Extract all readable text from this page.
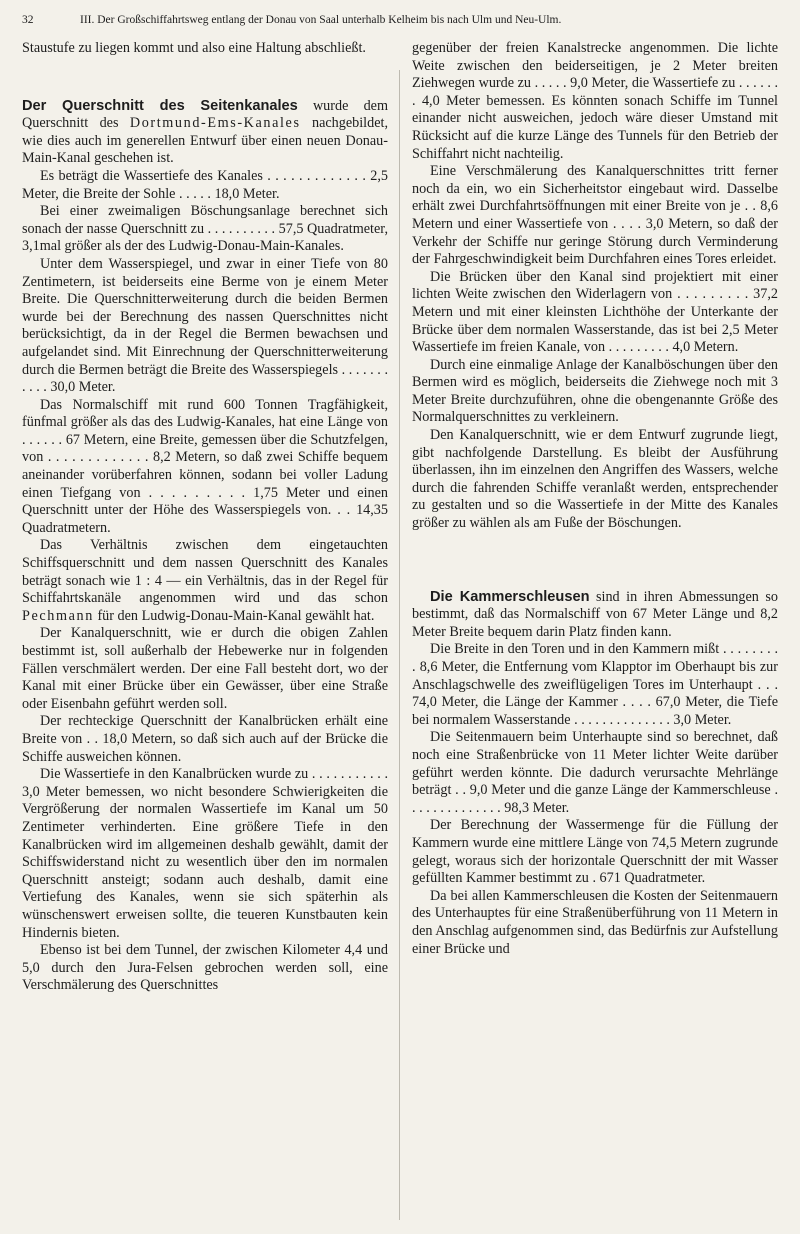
32	III. Der Großschiffahrtsweg entlang der Donau von Saal unterhalb Kelheim bis nach Ulm und Neu-Ulm.

Staustufe zu liegen kommt und also eine Haltung abschließt.

Der Querschnitt des Seitenkanales wurde dem Querschnitt des Dortmund-Ems-Kanales nachgebildet, wie dies auch im generellen Entwurf über einen neuen Donau-Main-Kanal geschehen ist.

Es beträgt die Wassertiefe des Kanales . . . . . . . . . . . . . 2,5 Meter, die Breite der Sohle . . . . . 18,0 Meter.

Bei einer zweimaligen Böschungsanlage berechnet sich sonach der nasse Querschnitt zu . . . . . . . . . . 57,5 Quadratmeter, 3,1mal größer als der des Ludwig-Donau-Main-Kanales.

Unter dem Wasserspiegel, und zwar in einer Tiefe von 80 Zentimetern, ist beiderseits eine Berme von je einem Meter Breite. Die Querschnitterweiterung durch die beiden Bermen wurde bei der Berechnung des nassen Querschnittes nicht berücksichtigt, da in der Regel die Bermen bewachsen und aufgelandet sind. Mit Einrechnung der Querschnitterweiterung durch die Bermen beträgt die Breite des Wasserspiegels . . . . . . . . . . . 30,0 Meter.

Das Normalschiff mit rund 600 Tonnen Tragfähigkeit, fünfmal größer als das des Ludwig-Kanales, hat eine Länge von . . . . . . 67 Metern, eine Breite, gemessen über die Schutzfelgen, von . . . . . . . . . . . . . 8,2 Metern, so daß zwei Schiffe bequem aneinander vorüberfahren können, sodann bei voller Ladung einen Tiefgang von . . . . . . . . . 1,75 Meter und einen Querschnitt unter der Höhe des Wasserspiegels von. . . 14,35 Quadratmetern.

Das Verhältnis zwischen dem eingetauchten Schiffsquerschnitt und dem nassen Querschnitt des Kanales beträgt sonach wie 1 : 4 — ein Verhältnis, das in der Regel für Schiffahrtskanäle angenommen wird und das schon Pechmann für den Ludwig-Donau-Main-Kanal gewählt hat.

Der Kanalquerschnitt, wie er durch die obigen Zahlen bestimmt ist, soll außerhalb der Hebewerke nur in folgenden Fällen verschmälert werden. Der eine Fall besteht dort, wo der Kanal mit einer Brücke über ein Gewässer, über eine Straße oder Eisenbahn geführt werden soll.

Der rechteckige Querschnitt der Kanalbrücken erhält eine Breite von . . 18,0 Metern, so daß sich auch auf der Brücke die Schiffe ausweichen können.

Die Wassertiefe in den Kanalbrücken wurde zu . . . . . . . . . . . 3,0 Meter bemessen, wo nicht besondere Schwierigkeiten die Vergrößerung der normalen Wassertiefe im Kanal um 50 Zentimeter verhinderten. Eine größere Tiefe in den Kanalbrücken wird im allgemeinen deshalb gewählt, damit der Schiffswiderstand nicht zu wesentlich über den im normalen Querschnitt ansteigt; sodann auch deshalb, damit eine Vertiefung des Kanales, wenn sie sich späterhin als wünschenswert erweisen sollte, die teueren Kunstbauten kein Hindernis bieten.

Ebenso ist bei dem Tunnel, der zwischen Kilometer 4,4 und 5,0 durch den Jura-Felsen gebrochen werden soll, eine Verschmälerung des Querschnittes

gegenüber der freien Kanalstrecke angenommen. Die lichte Weite zwischen den beiderseitigen, je 2 Meter breiten Ziehwegen wurde zu . . . . . 9,0 Meter, die Wassertiefe zu . . . . . . . 4,0 Meter bemessen. Es könnten sonach Schiffe im Tunnel einander nicht ausweichen, jedoch wäre dieser Umstand mit Rücksicht auf die kurze Länge des Tunnels für den Betrieb der Schiffahrt nicht nachteilig.

Eine Verschmälerung des Kanalquerschnittes tritt ferner noch da ein, wo ein Sicherheitstor eingebaut wird. Dasselbe erhält zwei Durchfahrtsöffnungen mit einer Breite von je . . 8,6 Metern und einer Wassertiefe von . . . . 3,0 Metern, so daß der Verkehr der Schiffe nur geringe Störung durch Verminderung der Fahrgeschwindigkeit beim Durchfahren eines Tores erleidet.

Die Brücken über den Kanal sind projektiert mit einer lichten Weite zwischen den Widerlagern von . . . . . . . . . 37,2 Metern und mit einer kleinsten Lichthöhe der Unterkante der Brücke über dem normalen Wasserstande, das ist bei 2,5 Meter Wassertiefe im freien Kanale, von . . . . . . . . . 4,0 Metern.

Durch eine einmalige Anlage der Kanalböschungen über den Bermen wird es möglich, beiderseits die Ziehwege noch mit 3 Meter Breite durchzuführen, ohne die obengenannte Größe des Normalquerschnittes zu verkleinern.

Den Kanalquerschnitt, wie er dem Entwurf zugrunde liegt, gibt nachfolgende Darstellung. Es bleibt der Ausführung überlassen, ihn im einzelnen den Angriffen des Wassers, welche durch die fahrenden Schiffe veranlaßt werden, entsprechender zu gestalten und so die Wassertiefe in der Mitte des Kanales größer zu wählen als am Fuße der Böschungen.

Die Kammerschleusen sind in ihren Abmessungen so bestimmt, daß das Normalschiff von 67 Meter Länge und 8,2 Meter Breite bequem darin Platz finden kann.

Die Breite in den Toren und in den Kammern mißt . . . . . . . . . 8,6 Meter, die Entfernung vom Klapptor im Oberhaupt bis zur Anschlagschwelle des zweiflügeligen Tores im Unterhaupt . . . 74,0 Meter, die Länge der Kammer . . . . 67,0 Meter, die Tiefe bei normalem Wasserstande . . . . . . . . . . . . . . 3,0 Meter.

Die Seitenmauern beim Unterhaupte sind so berechnet, daß noch eine Straßenbrücke von 11 Meter lichter Weite darüber geführt werden könnte. Die dadurch verursachte Mehrlänge beträgt . . 9,0 Meter und die ganze Länge der Kammerschleuse . . . . . . . . . . . . . . 98,3 Meter.

Der Berechnung der Wassermenge für die Füllung der Kammern wurde eine mittlere Länge von 74,5 Metern zugrunde gelegt, woraus sich der horizontale Querschnitt der mit Wasser gefüllten Kammer bestimmt zu . 671 Quadratmeter.

Da bei allen Kammerschleusen die Kosten der Seitenmauern des Unterhauptes für eine Straßenüberführung von 11 Metern in den Anschlag aufgenommen sind, das Bedürfnis zur Aufstellung einer Brücke und
